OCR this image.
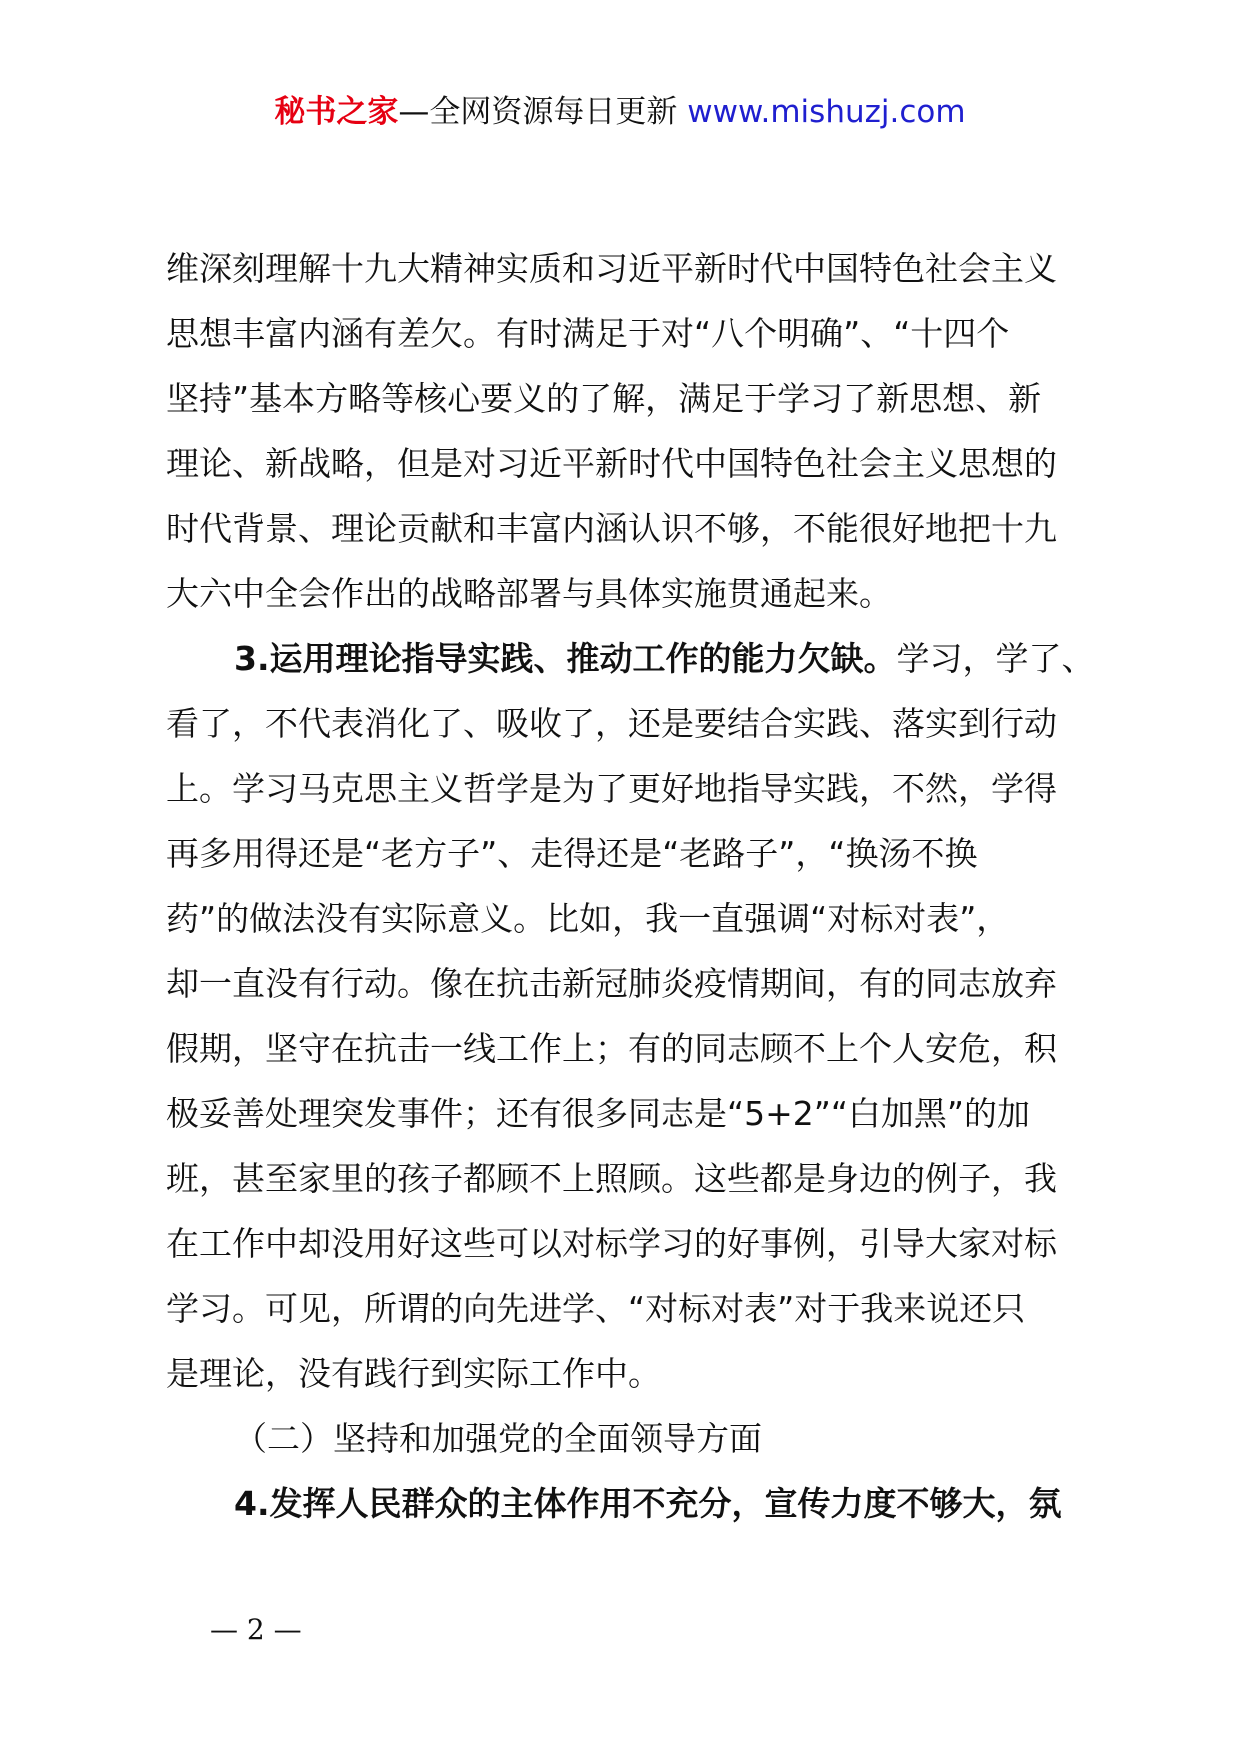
秘书之家—全网资源每日更新 www.mishuzj.com
维深刻理解十九大精神实质和习近平新时代中国特色社会主义
思想丰富内涵有差欠。有时满足于对“八个明确”、“十四个
坚持”基本方略等核心要义的了解，满足于学习了新思想、新
理论、新战略，但是对习近平新时代中国特色社会主义思想的
时代背景、理论贡献和丰富内涵认识不够，不能很好地把十九
大六中全会作出的战略部署与具体实施贯通起来。
3.运用理论指导实践、推动工作的能力欠缺。学习，学了、
看了，不代表消化了、吸收了，还是要结合实践、落实到行动
上。学习马克思主义哲学是为了更好地指导实践，不然，学得
再多用得还是“老方子”、走得还是“老路子”，“换汤不换
药”的做法没有实际意义。比如，我一直强调“对标对表”，
却一直没有行动。像在抗击新冠肺炎疫情期间，有的同志放弃
假期，坚守在抗击一线工作上；有的同志顾不上个人安危，积
极妥善处理突发事件；还有很多同志是“5+2”“白加黑”的加
班，甚至家里的孩子都顾不上照顾。这些都是身边的例子，我
在工作中却没用好这些可以对标学习的好事例，引导大家对标
学习。可见，所谓的向先进学、“对标对表”对于我来说还只
是理论，没有践行到实际工作中。
（二）坚持和加强党的全面领导方面
4.发挥人民群众的主体作用不充分，宣传力度不够大，氛
— 2 —
